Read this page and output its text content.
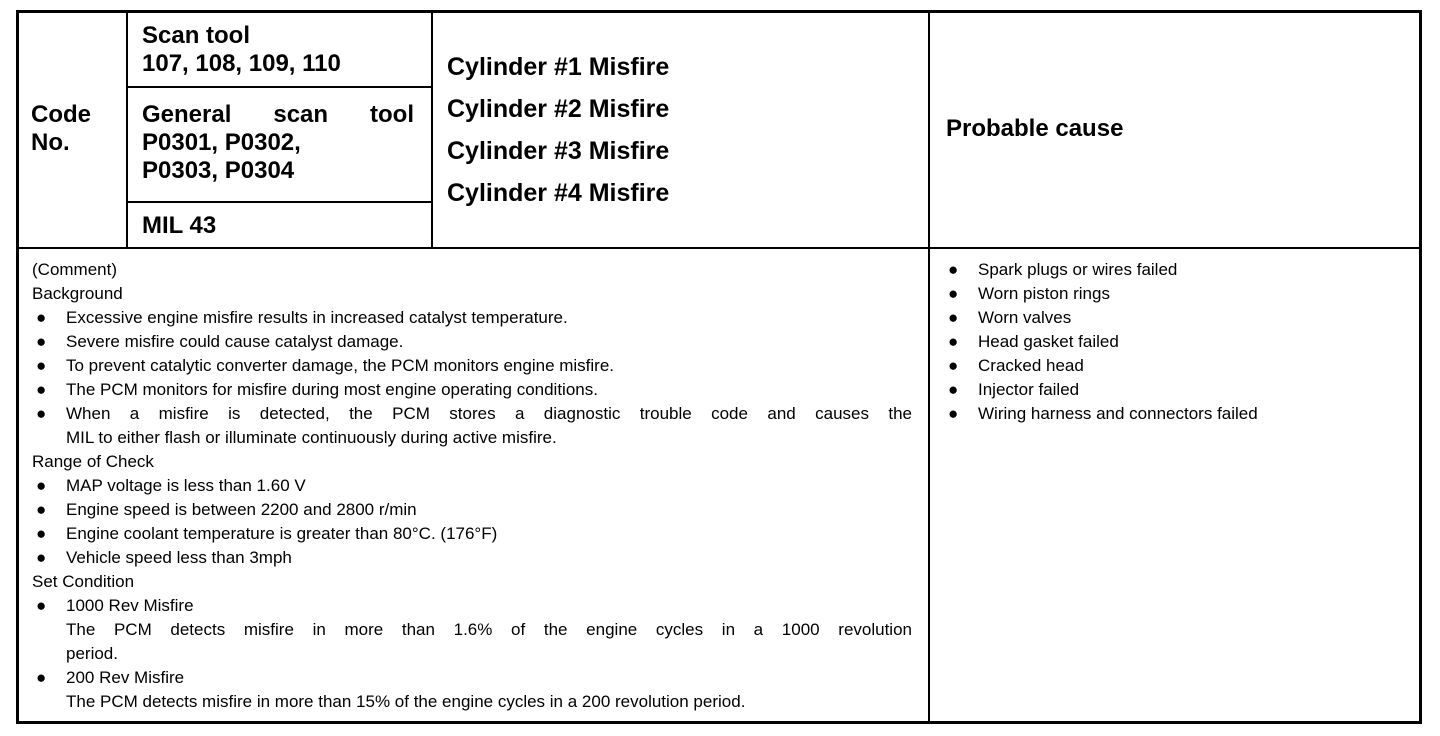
Code
No.
Scan tool
107, 108, 109, 110
General scan tool
P0301, P0302,
P0303, P0304
MIL 43
Cylinder #1 Misfire
Cylinder #2 Misfire
Cylinder #3 Misfire
Cylinder #4 Misfire
Probable cause
(Comment)
Background
● Excessive engine misfire results in increased catalyst temperature.
● Severe misfire could cause catalyst damage.
● To prevent catalytic converter damage, the PCM monitors engine misfire.
● The PCM monitors for misfire during most engine operating conditions.
● When a misfire is detected, the PCM stores a diagnostic trouble code and causes the
MIL to either flash or illuminate continuously during active misfire.
Range of Check
● MAP voltage is less than 1.60 V
● Engine speed is between 2200 and 2800 r/min
● Engine coolant temperature is greater than 80°C. (176°F)
● Vehicle speed less than 3mph
Set Condition
● 1000 Rev Misfire
The PCM detects misfire in more than 1.6% of the engine cycles in a 1000 revolution
period.
● 200 Rev Misfire
The PCM detects misfire in more than 15% of the engine cycles in a 200 revolution period.
● Spark plugs or wires failed
● Worn piston rings
● Worn valves
● Head gasket failed
● Cracked head
● Injector failed
● Wiring harness and connectors failed
